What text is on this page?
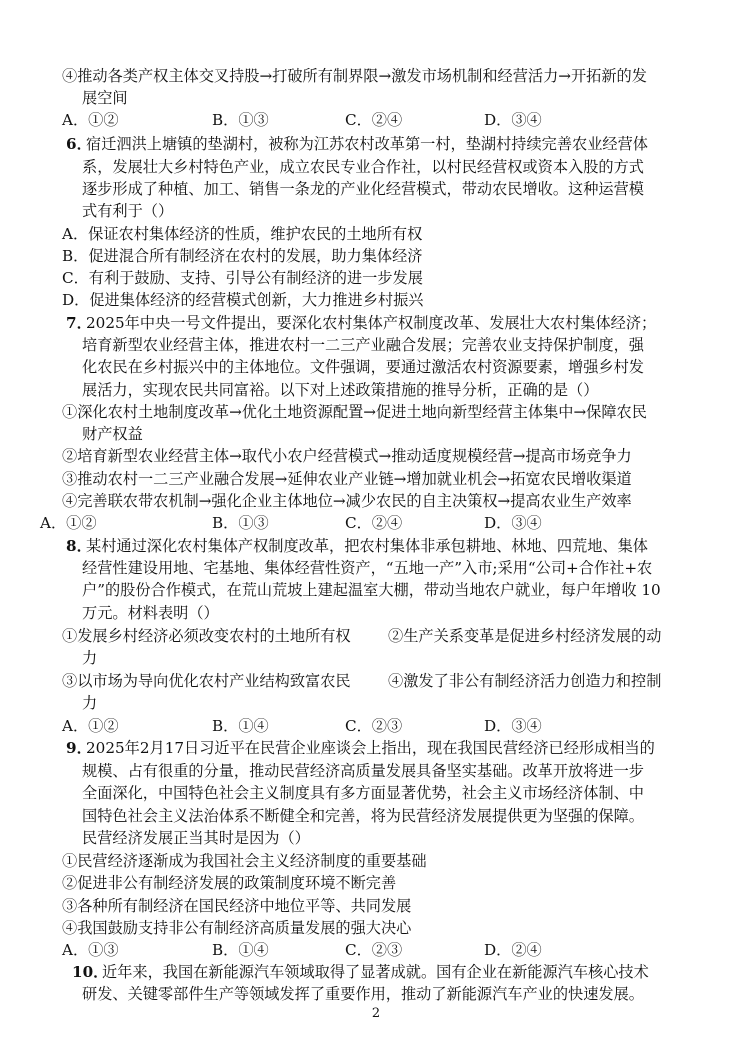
④推动各类产权主体交叉持股→打破所有制界限→激发市场机制和经营活力→开拓新的发
展空间
A．①②	B．①③	C．②④	D．③④
6．
宿迁泗洪上塘镇的垫湖村，被称为江苏农村改革第一村，垫湖村持续完善农业经营体
系，发展壮大乡村特色产业，成立农民专业合作社，以村民经营权或资本入股的方式
逐步形成了种植、加工、销售一条龙的产业化经营模式，带动农民增收。这种运营模
式有利于（）
A．保证农村集体经济的性质，维护农民的土地所有权
B．促进混合所有制经济在农村的发展，助力集体经济
C．有利于鼓励、支持、引导公有制经济的进一步发展
D．促进集体经济的经营模式创新，大力推进乡村振兴
7．
2025年中央一号文件提出，要深化农村集体产权制度改革、发展壮大农村集体经济；
培育新型农业经营主体，推进农村一二三产业融合发展；完善农业支持保护制度，强
化农民在乡村振兴中的主体地位。文件强调，要通过激活农村资源要素，增强乡村发
展活力，实现农民共同富裕。以下对上述政策措施的推导分析，正确的是（）
①深化农村土地制度改革→优化土地资源配置→促进土地向新型经营主体集中→保障农民
财产权益
②培育新型农业经营主体→取代小农户经营模式→推动适度规模经营→提高市场竞争力
③推动农村一二三产业融合发展→延伸农业产业链→增加就业机会→拓宽农民增收渠道
④完善联农带农机制→强化企业主体地位→减少农民的自主决策权→提高农业生产效率
A．①②	B．①③	C．②④	D．③④
8．
某村通过深化农村集体产权制度改革，把农村集体非承包耕地、林地、四荒地、集体
经营性建设用地、宅基地、集体经营性资产，“五地一产”入市;采用“公司+合作社+农
户”的股份合作模式，在荒山荒坡上建起温室大棚，带动当地农户就业，每户年增收 10
万元。材料表明（）
①发展乡村经济必须改变农村的土地所有权 ②生产关系变革是促进乡村经济发展的动
力
③以市场为导向优化农村产业结构致富农民 ④激发了非公有制经济活力创造力和控制
力
A．①②	B．①④	C．②③	D．③④
9．
2025年2月17日习近平在民营企业座谈会上指出，现在我国民营经济已经形成相当的
规模、占有很重的分量，推动民营经济高质量发展具备坚实基础。改革开放将进一步
全面深化，中国特色社会主义制度具有多方面显著优势，社会主义市场经济体制、中
国特色社会主义法治体系不断健全和完善，将为民营经济发展提供更为坚强的保障。
民营经济发展正当其时是因为（）
①民营经济逐渐成为我国社会主义经济制度的重要基础
②促进非公有制经济发展的政策制度环境不断完善
③各种所有制经济在国民经济中地位平等、共同发展
④我国鼓励支持非公有制经济高质量发展的强大决心
A．①③	B．①④	C．②③	D．②④
10．
近年来，我国在新能源汽车领域取得了显著成就。国有企业在新能源汽车核心技术
研发、关键零部件生产等领域发挥了重要作用，推动了新能源汽车产业的快速发展。
2
